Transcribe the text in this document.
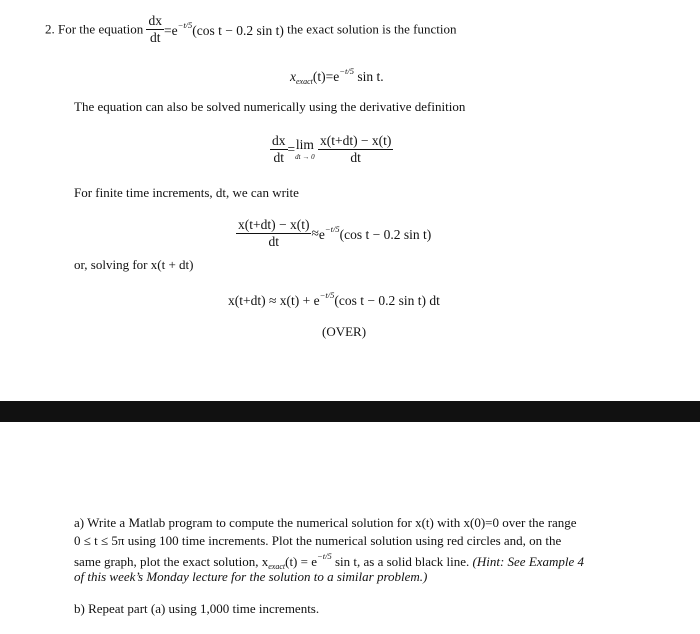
2. For the equation $\frac{dx}{dt} =e^{-t/5}(\cos$ t − 0.2 sin t) the exact solution is the function
$x_{exact}(t)=e^{-t/5}$ sin t.
The equation can also be solved numerically using the derivative definition
$\frac{dx}{dt} = \lim$
dt → 0
$\frac{x(t+dt) - x(t)}{dt}$
For finite time increments, dt, we can write
$\frac{x(t+dt) - x(t)}{dt} \approx e^{-t/5}(\cos$ t − 0.2 sin t)
or, solving for x(t + dt)
$x(t+dt) \approx x(t) + e^{-t/5}(\cos$ t − 0.2 sin t) dt
(OVER)
a) Write a Matlab program to compute the numerical solution for x(t) with x(0)=0 over the range
0 ≤ t ≤ 5π using 100 time increments. Plot the numerical solution using red circles and, on the
same graph, plot the exact solution, $x_{exact}(t) = e^{-t/5}$ sin t, as a solid black line. (Hint: See Example 4
of this week’s Monday lecture for the solution to a similar problem.)
b) Repeat part (a) using 1,000 time increments.
